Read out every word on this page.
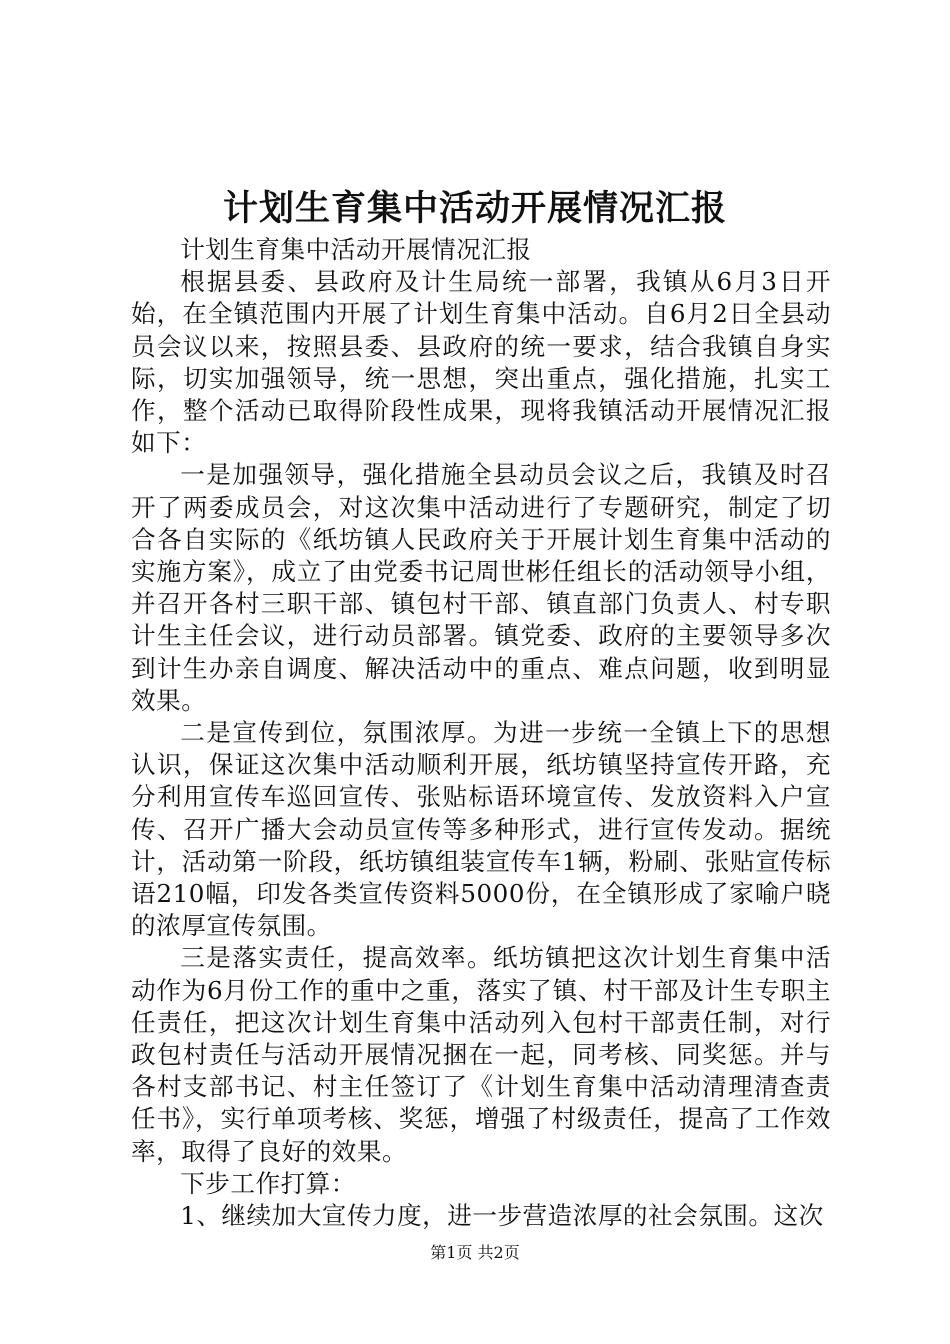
计划生育集中活动开展情况汇报

计划生育集中活动开展情况汇报

根据县委、县政府及计生局统一部署，我镇从6月3日开始，在全镇范围内开展了计划生育集中活动。自6月2日全县动员会议以来，按照县委、县政府的统一要求，结合我镇自身实际，切实加强领导，统一思想，突出重点，强化措施，扎实工作，整个活动已取得阶段性成果，现将我镇活动开展情况汇报如下：

一是加强领导，强化措施全县动员会议之后，我镇及时召开了两委成员会，对这次集中活动进行了专题研究，制定了切合各自实际的《纸坊镇人民政府关于开展计划生育集中活动的实施方案》，成立了由党委书记周世彬任组长的活动领导小组，并召开各村三职干部、镇包村干部、镇直部门负责人、村专职计生主任会议，进行动员部署。镇党委、政府的主要领导多次到计生办亲自调度、解决活动中的重点、难点问题，收到明显效果。

二是宣传到位，氛围浓厚。为进一步统一全镇上下的思想认识，保证这次集中活动顺利开展，纸坊镇坚持宣传开路，充分利用宣传车巡回宣传、张贴标语环境宣传、发放资料入户宣传、召开广播大会动员宣传等多种形式，进行宣传发动。据统计，活动第一阶段，纸坊镇组装宣传车1辆，粉刷、张贴宣传标语210幅，印发各类宣传资料5000份，在全镇形成了家喻户晓的浓厚宣传氛围。

三是落实责任，提高效率。纸坊镇把这次计划生育集中活动作为6月份工作的重中之重，落实了镇、村干部及计生专职主任责任，把这次计划生育集中活动列入包村干部责任制，对行政包村责任与活动开展情况捆在一起，同考核、同奖惩。并与各村支部书记、村主任签订了《计划生育集中活动清理清查责任书》，实行单项考核、奖惩，增强了村级责任，提高了工作效率，取得了良好的效果。

下步工作打算：

1、继续加大宣传力度，进一步营造浓厚的社会氛围。这次

第1页 共2页
